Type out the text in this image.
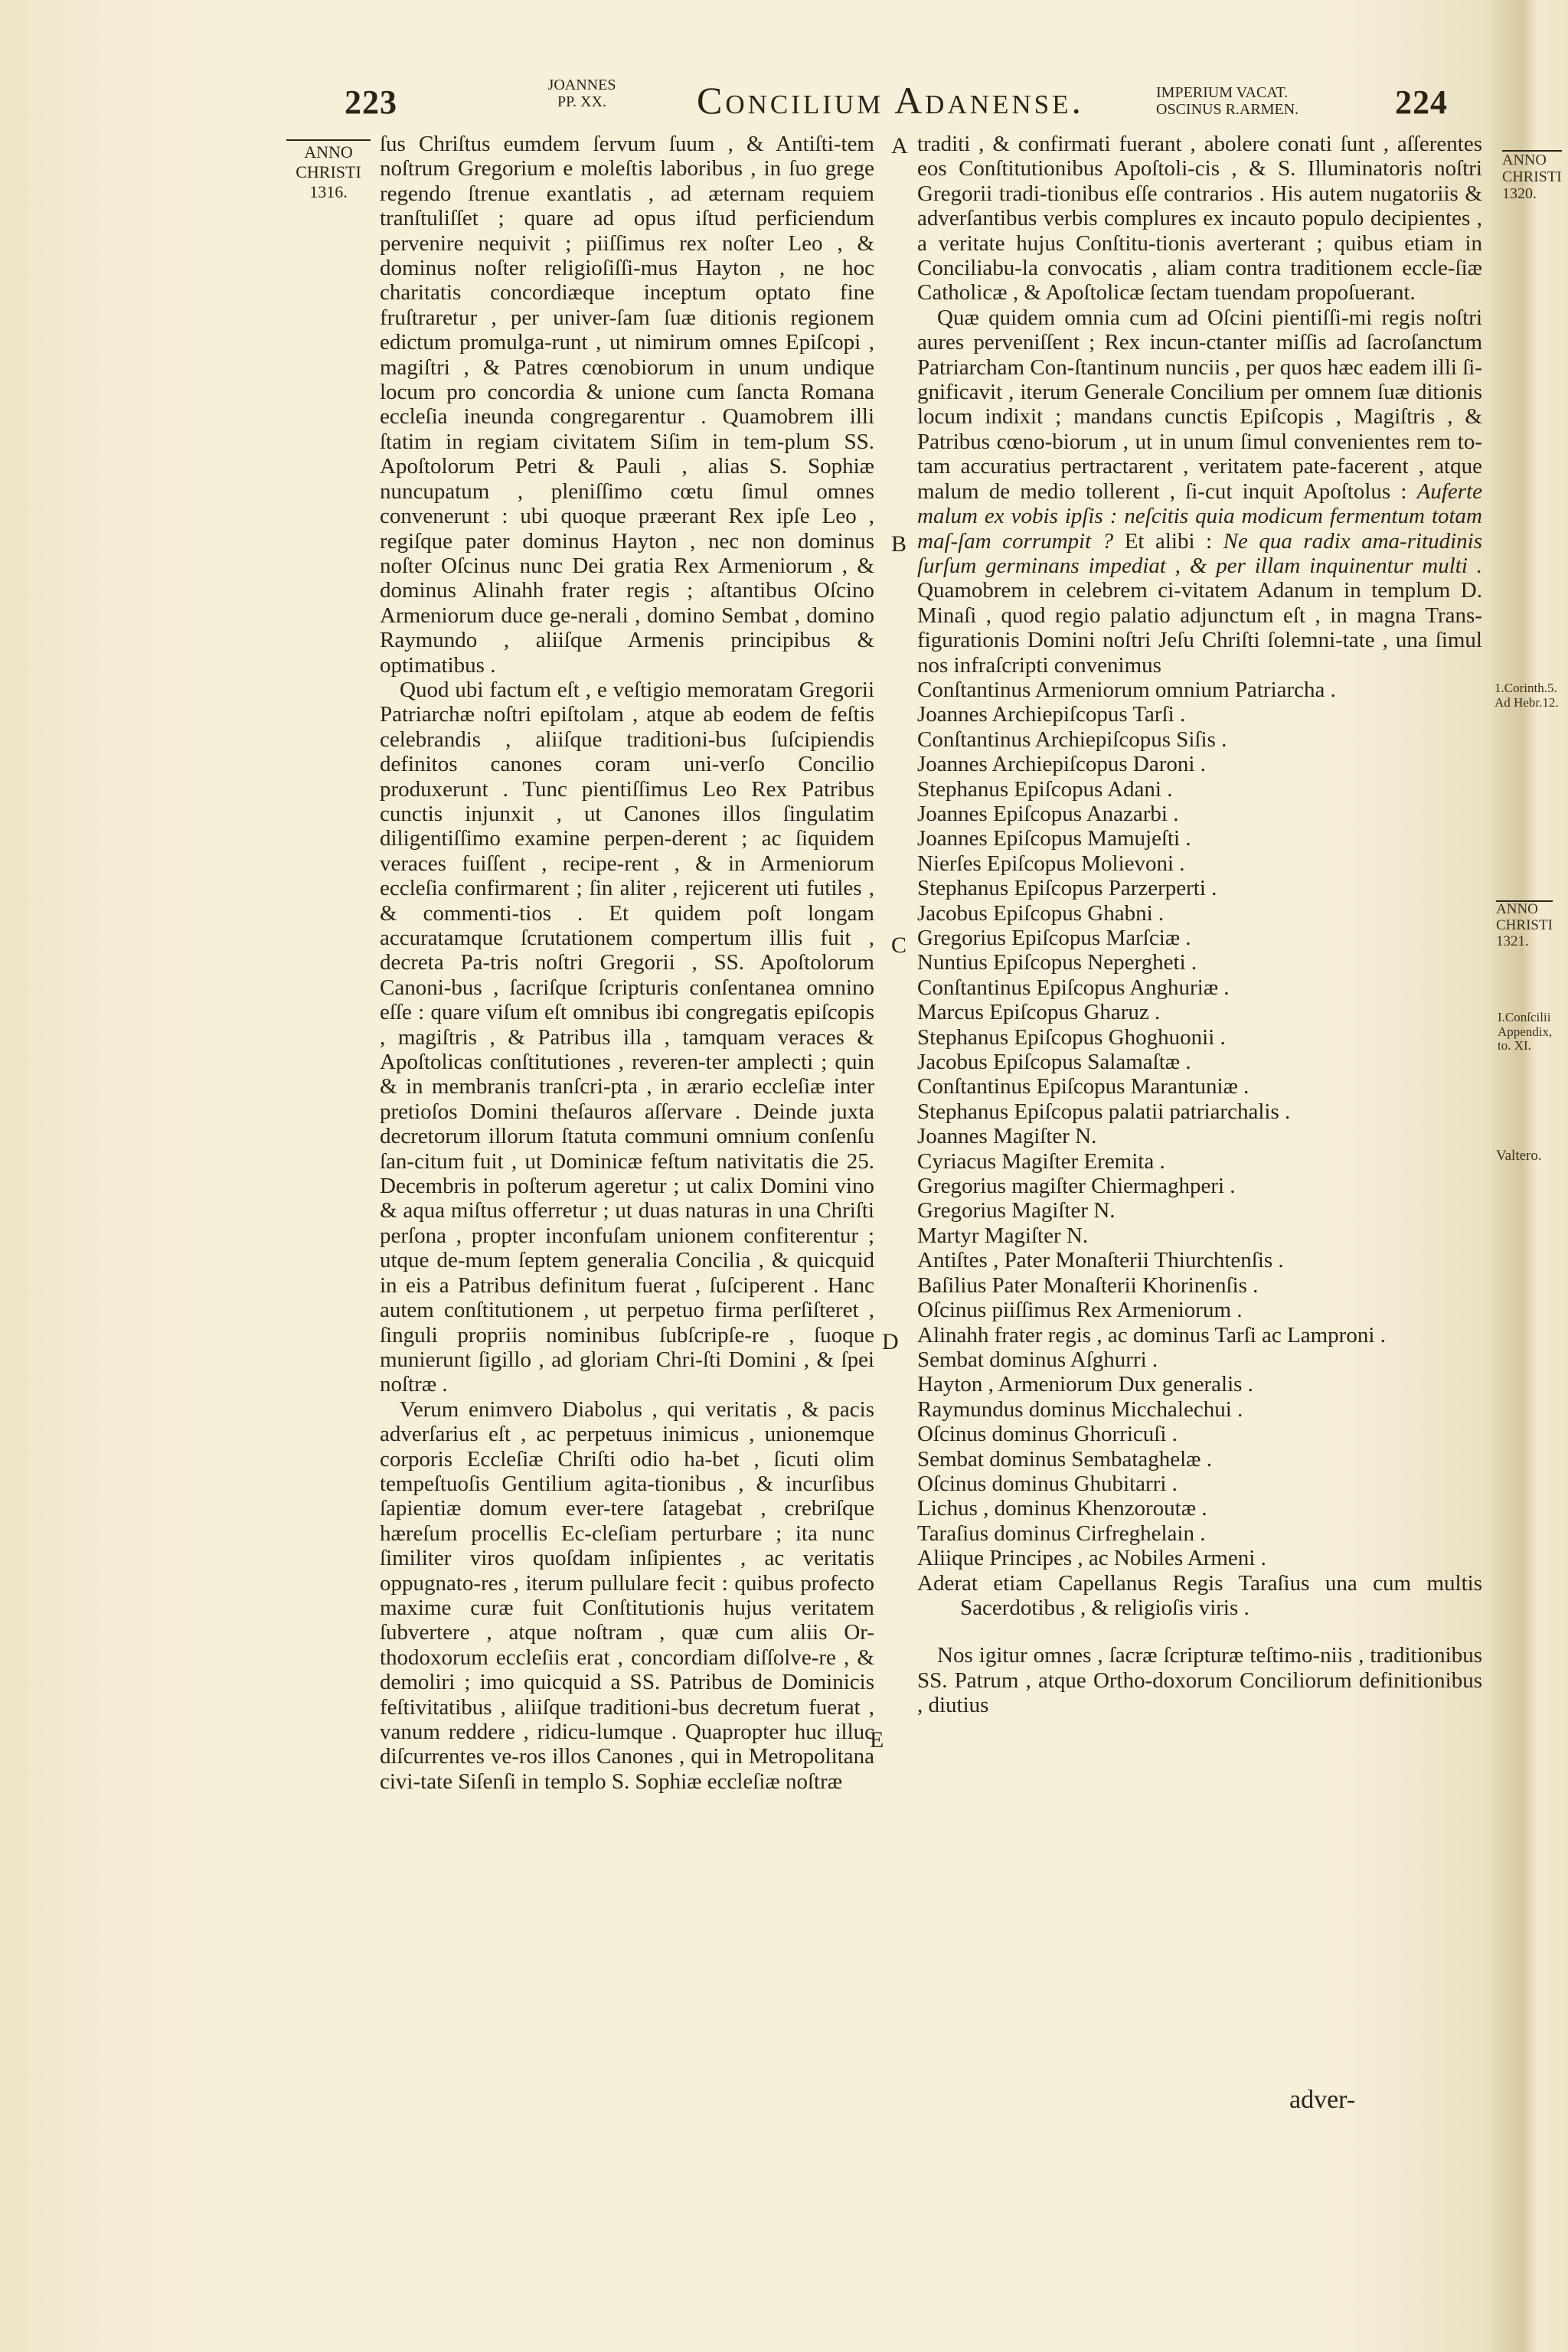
ANNO
CHRISTI
1320.
1.Corinth.5.
Ad Hebr.12.
ANNO
CHRISTI
1321.
I.Conſcilii
Appendix,
to. XI.
Valtero.
223	JOANNES
PP. XX.	Concilium Adanense.	IMPERIUM VACAT.
OSCINUS R.ARMEN.	224
ANNO
CHRISTI
1316.
A
B
C
D
E

ſus Chriſtus eumdem ſervum ſuum , & Antiſti-tem noſtrum Gregorium e moleſtis laboribus , in ſuo grege regendo ſtrenue exantlatis , ad æternam requiem tranſtuliſſet ; quare ad opus iſtud perficiendum pervenire nequivit ; piiſſimus rex noſter Leo , & dominus noſter religioſiſſi-mus Hayton , ne hoc charitatis concordiæque inceptum optato fine fruſtraretur , per univer-ſam ſuæ ditionis regionem edictum promulga-runt , ut nimirum omnes Epiſcopi , magiſtri , & Patres cœnobiorum in unum undique locum pro concordia & unione cum ſancta Romana eccleſia ineunda congregarentur . Quamobrem illi ſtatim in regiam civitatem Siſim in tem-plum SS. Apoſtolorum Petri & Pauli , alias S. Sophiæ nuncupatum , pleniſſimo cœtu ſimul omnes convenerunt : ubi quoque præerant Rex ipſe Leo , regiſque pater dominus Hayton , nec non dominus noſter Oſcinus nunc Dei gratia Rex Armeniorum , & dominus Alinahh frater regis ; aſtantibus Oſcino Armeniorum duce ge-nerali , domino Sembat , domino Raymundo , aliiſque Armenis principibus & optimatibus .

Quod ubi factum eſt , e veſtigio memoratam Gregorii Patriarchæ noſtri epiſtolam , atque ab eodem de feſtis celebrandis , aliiſque traditioni-bus ſuſcipiendis definitos canones coram uni-verſo Concilio produxerunt . Tunc pientiſſimus Leo Rex Patribus cunctis injunxit , ut Canones illos ſingulatim diligentiſſimo examine perpen-derent ; ac ſiquidem veraces fuiſſent , recipe-rent , & in Armeniorum eccleſia confirmarent ; ſin aliter , rejicerent uti futiles , & commenti-tios . Et quidem poſt longam accuratamque ſcrutationem compertum illis fuit , decreta Pa-tris noſtri Gregorii , SS. Apoſtolorum Canoni-bus , ſacriſque ſcripturis conſentanea omnino eſſe : quare viſum eſt omnibus ibi congregatis epiſcopis , magiſtris , & Patribus illa , tamquam veraces & Apoſtolicas conſtitutiones , reveren-ter amplecti ; quin & in membranis tranſcri-pta , in ærario eccleſiæ inter pretioſos Domini theſauros aſſervare . Deinde juxta decretorum illorum ſtatuta communi omnium conſenſu ſan-citum fuit , ut Dominicæ feſtum nativitatis die 25. Decembris in poſterum ageretur ; ut calix Domini vino & aqua miſtus offerretur ; ut duas naturas in una Chriſti perſona , propter inconfuſam unionem confiterentur ; utque de-mum ſeptem generalia Concilia , & quicquid in eis a Patribus definitum fuerat , ſuſciperent . Hanc autem conſtitutionem , ut perpetuo firma perſiſteret , ſinguli propriis nominibus ſubſcripſe-re , ſuoque munierunt ſigillo , ad gloriam Chri-ſti Domini , & ſpei noſtræ .

Verum enimvero Diabolus , qui veritatis , & pacis adverſarius eſt , ac perpetuus inimicus , unionemque corporis Eccleſiæ Chriſti odio ha-bet , ſicuti olim tempeſtuoſis Gentilium agita-tionibus , & incurſibus ſapientiæ domum ever-tere ſatagebat , crebriſque hæreſum procellis Ec-cleſiam perturbare ; ita nunc ſimiliter viros quoſdam inſipientes , ac veritatis oppugnato-res , iterum pullulare fecit : quibus profecto maxime curæ fuit Conſtitutionis hujus veritatem ſubvertere , atque noſtram , quæ cum aliis Or-thodoxorum eccleſiis erat , concordiam diſſolve-re , & demoliri ; imo quicquid a SS. Patribus de Dominicis feſtivitatibus , aliiſque traditioni-bus decretum fuerat , vanum reddere , ridicu-lumque . Quapropter huc illuc diſcurrentes ve-ros illos Canones , qui in Metropolitana civi-tate Siſenſi in templo S. Sophiæ eccleſiæ noſtræ

traditi , & confirmati fuerant , abolere conati ſunt , aſſerentes eos Conſtitutionibus Apoſtoli-cis , & S. Illuminatoris noſtri Gregorii tradi-tionibus eſſe contrarios . His autem nugatoriis & adverſantibus verbis complures ex incauto populo decipientes , a veritate hujus Conſtitu-tionis averterant ; quibus etiam in Conciliabu-la convocatis , aliam contra traditionem eccle-ſiæ Catholicæ , & Apoſtolicæ ſectam tuendam propoſuerant.

Quæ quidem omnia cum ad Oſcini pientiſſi-mi regis noſtri aures perveniſſent ; Rex incun-ctanter miſſis ad ſacroſanctum Patriarcham Con-ſtantinum nunciis , per quos hæc eadem illi ſi-gnificavit , iterum Generale Concilium per omnem ſuæ ditionis locum indixit ; mandans cunctis Epiſcopis , Magiſtris , & Patribus cœno-biorum , ut in unum ſimul convenientes rem to-tam accuratius pertractarent , veritatem pate-facerent , atque malum de medio tollerent , ſi-cut inquit Apoſtolus : Auferte malum ex vobis ipſis : neſcitis quia modicum fermentum totam maſ-ſam corrumpit ? Et alibi : Ne qua radix ama-ritudinis ſurſum germinans impediat , & per illam inquinentur multi . Quamobrem in celebrem ci-vitatem Adanum in templum D. Minaſi , quod regio palatio adjunctum eſt , in magna Trans-figurationis Domini noſtri Jeſu Chriſti ſolemni-tate , una ſimul nos infraſcripti convenimus

Conſtantinus Armeniorum omnium Patriarcha .
Joannes Archiepiſcopus Tarſi .
Conſtantinus Archiepiſcopus Siſis .
Joannes Archiepiſcopus Daroni .
Stephanus Epiſcopus Adani .
Joannes Epiſcopus Anazarbi .
Joannes Epiſcopus Mamujeſti .
Nierſes Epiſcopus Molievoni .
Stephanus Epiſcopus Parzerperti .
Jacobus Epiſcopus Ghabni .
Gregorius Epiſcopus Marſciæ .
Nuntius Epiſcopus Nepergheti .
Conſtantinus Epiſcopus Anghuriæ .
Marcus Epiſcopus Gharuz .
Stephanus Epiſcopus Ghoghuonii .
Jacobus Epiſcopus Salamaſtæ .
Conſtantinus Epiſcopus Marantuniæ .
Stephanus Epiſcopus palatii patriarchalis .
Joannes Magiſter N.
Cyriacus Magiſter Eremita .
Gregorius magiſter Chiermaghperi .
Gregorius Magiſter N.
Martyr Magiſter N.
Antiſtes , Pater Monaſterii Thiurchtenſis .
Baſilius Pater Monaſterii Khorinenſis .
Oſcinus piiſſimus Rex Armeniorum .
Alinahh frater regis , ac dominus Tarſi ac Lamproni .
Sembat dominus Aſghurri .
Hayton , Armeniorum Dux generalis .
Raymundus dominus Micchalechui .
Oſcinus dominus Ghorricuſi .
Sembat dominus Sembataghelæ .
Oſcinus dominus Ghubitarri .
Lichus , dominus Khenzoroutæ .
Taraſius dominus Cirfreghelain .
Aliique Principes , ac Nobiles Armeni .
Aderat etiam Capellanus Regis Taraſius una cum multis Sacerdotibus , & religioſis viris .

Nos igitur omnes , ſacræ ſcripturæ teſtimo-niis , traditionibus SS. Patrum , atque Ortho-doxorum Conciliorum definitionibus , diutius

adver-
